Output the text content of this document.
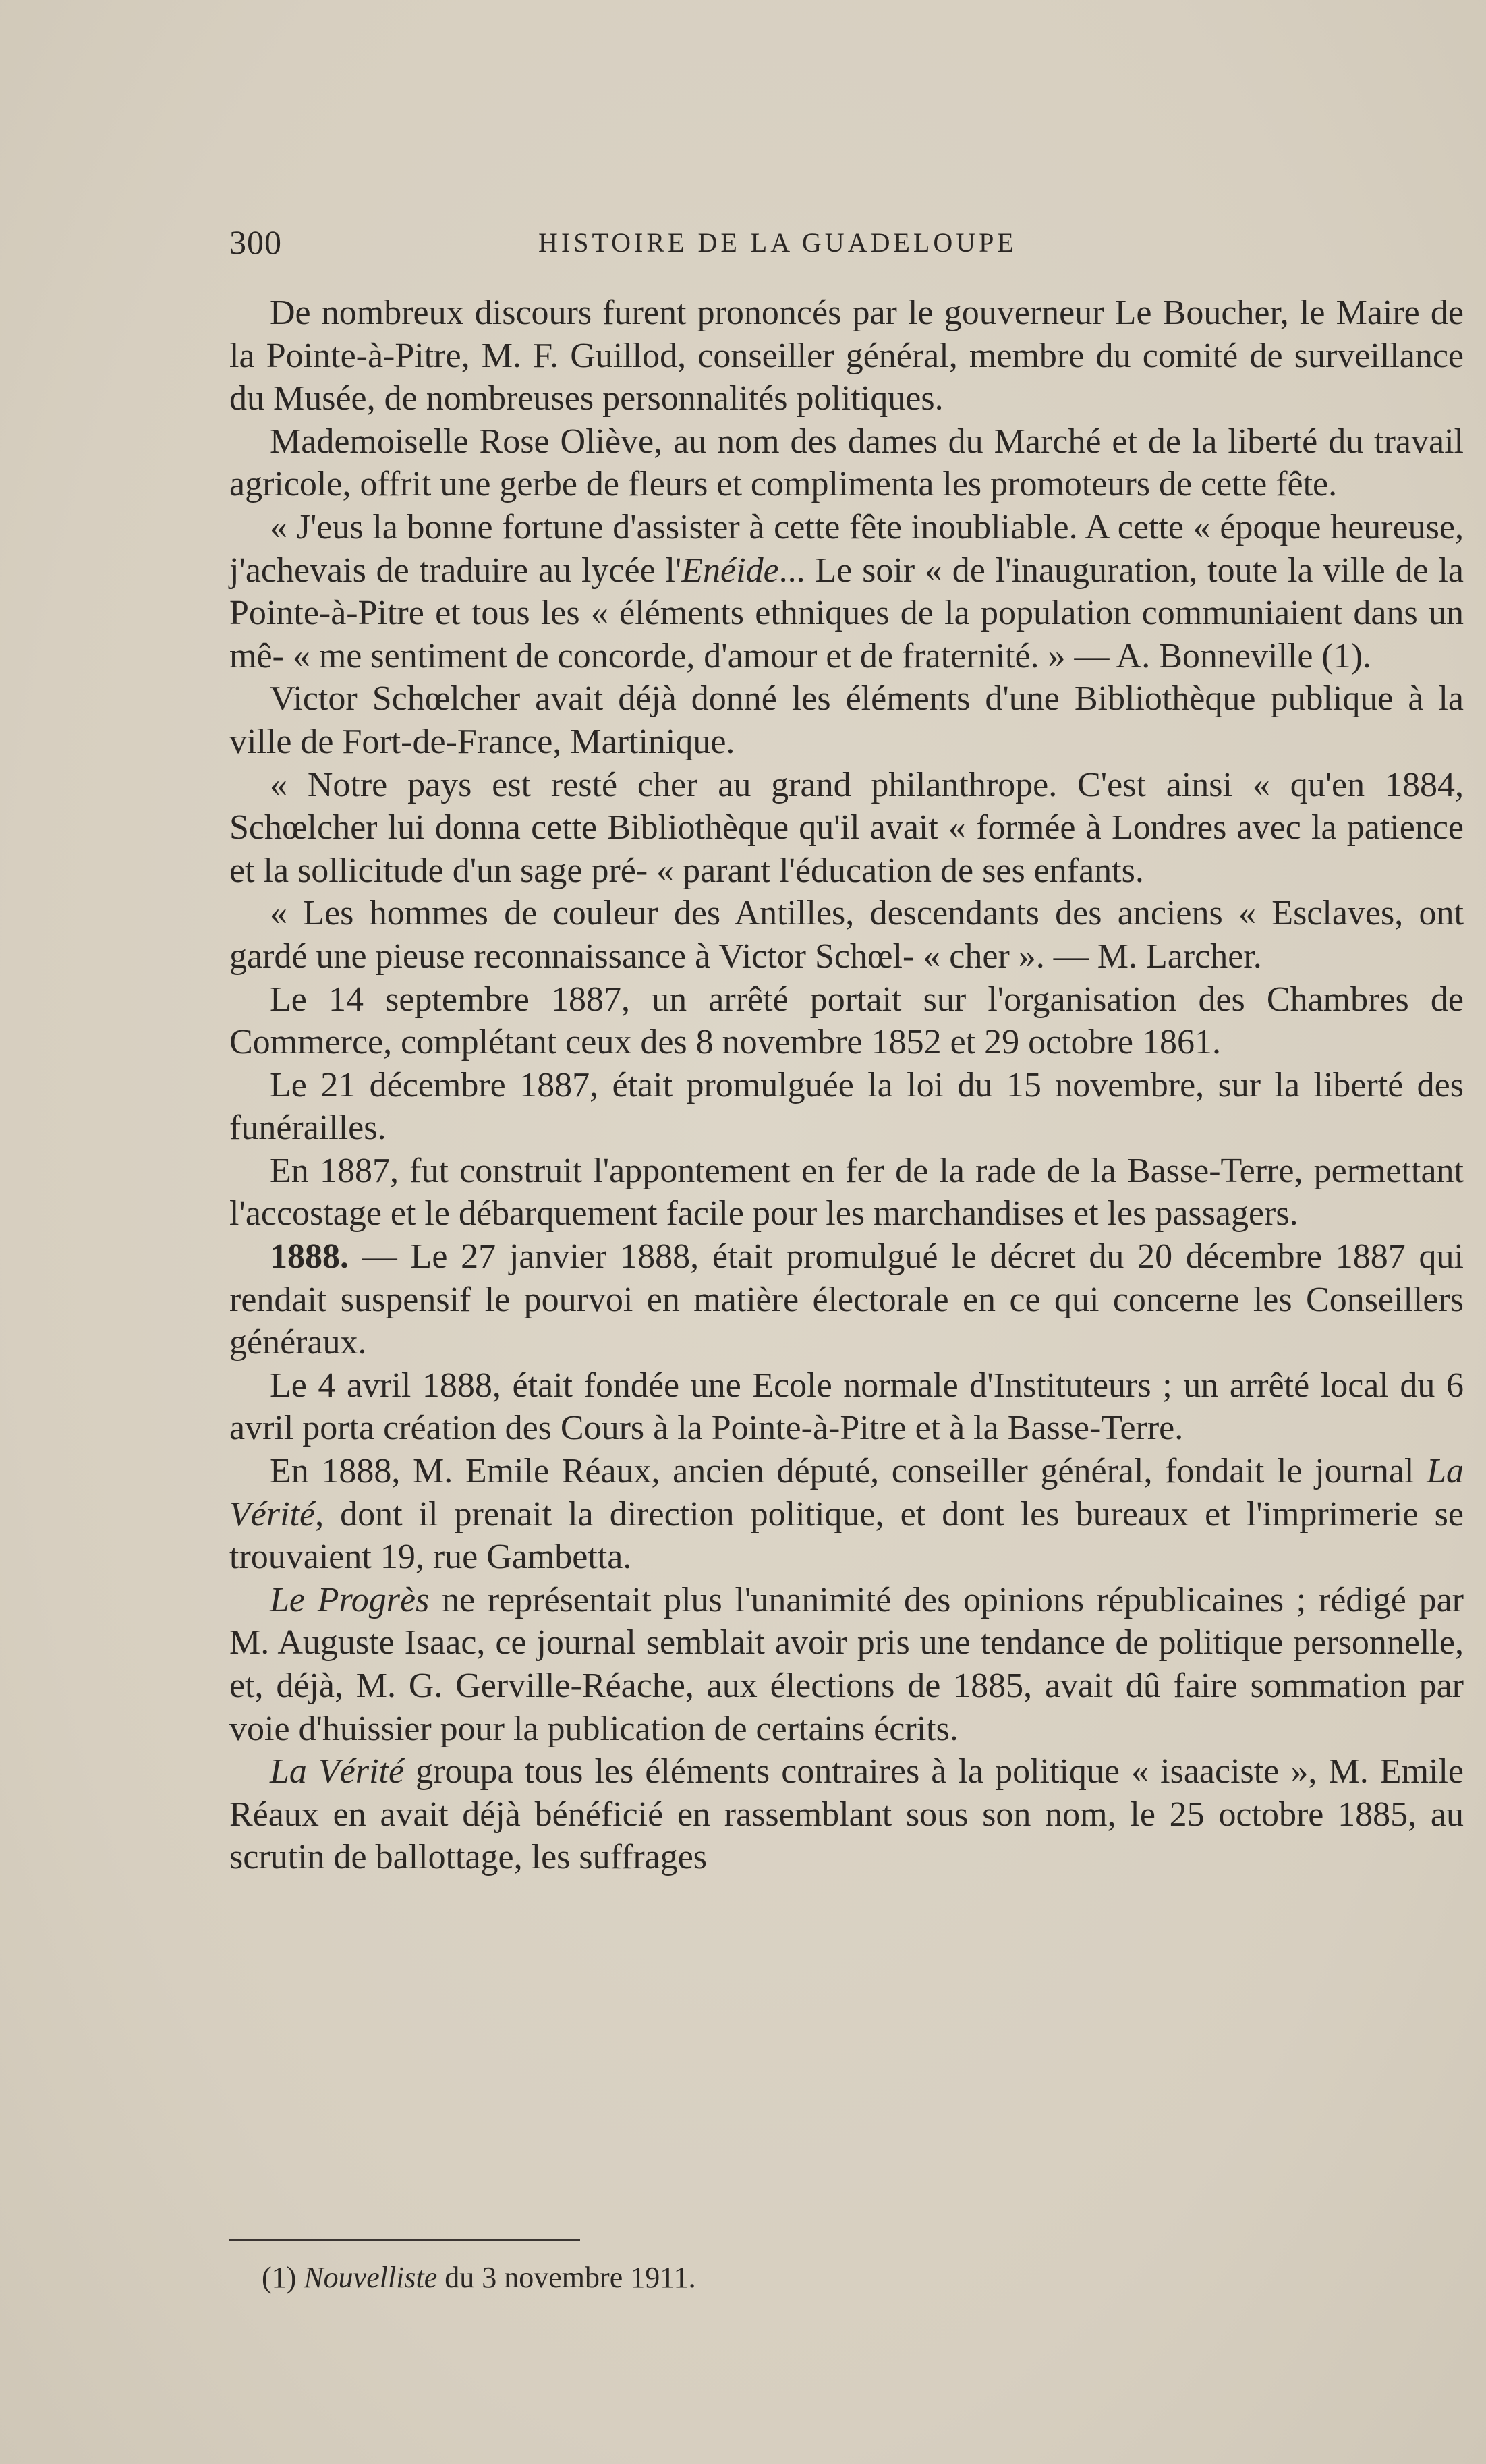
300	HISTOIRE DE LA GUADELOUPE

De nombreux discours furent prononcés par le gouverneur Le Boucher, le Maire de la Pointe-à-Pitre, M. F. Guillod, conseiller général, membre du comité de surveillance du Musée, de nombreuses personnalités politiques.

Mademoiselle Rose Oliève, au nom des dames du Marché et de la liberté du travail agricole, offrit une gerbe de fleurs et complimenta les promoteurs de cette fête.

« J'eus la bonne fortune d'assister à cette fête inoubliable. A cette « époque heureuse, j'achevais de traduire au lycée l'Enéide... Le soir « de l'inauguration, toute la ville de la Pointe-à-Pitre et tous les « éléments ethniques de la population communiaient dans un mê- « me sentiment de concorde, d'amour et de fraternité. » — A. Bonneville (1).

Victor Schœlcher avait déjà donné les éléments d'une Bibliothèque publique à la ville de Fort-de-France, Martinique.

« Notre pays est resté cher au grand philanthrope. C'est ainsi « qu'en 1884, Schœlcher lui donna cette Bibliothèque qu'il avait « formée à Londres avec la patience et la sollicitude d'un sage pré- « parant l'éducation de ses enfants.

« Les hommes de couleur des Antilles, descendants des anciens « Esclaves, ont gardé une pieuse reconnaissance à Victor Schœl- « cher ». — M. Larcher.

Le 14 septembre 1887, un arrêté portait sur l'organisation des Chambres de Commerce, complétant ceux des 8 novembre 1852 et 29 octobre 1861.

Le 21 décembre 1887, était promulguée la loi du 15 novembre, sur la liberté des funérailles.

En 1887, fut construit l'appontement en fer de la rade de la Basse-Terre, permettant l'accostage et le débarquement facile pour les marchandises et les passagers.

1888. — Le 27 janvier 1888, était promulgué le décret du 20 décembre 1887 qui rendait suspensif le pourvoi en matière électorale en ce qui concerne les Conseillers généraux.

Le 4 avril 1888, était fondée une Ecole normale d'Instituteurs ; un arrêté local du 6 avril porta création des Cours à la Pointe-à-Pitre et à la Basse-Terre.

En 1888, M. Emile Réaux, ancien député, conseiller général, fondait le journal La Vérité, dont il prenait la direction politique, et dont les bureaux et l'imprimerie se trouvaient 19, rue Gambetta.

Le Progrès ne représentait plus l'unanimité des opinions républicaines ; rédigé par M. Auguste Isaac, ce journal semblait avoir pris une tendance de politique personnelle, et, déjà, M. G. Gerville-Réache, aux élections de 1885, avait dû faire sommation par voie d'huissier pour la publication de certains écrits.

La Vérité groupa tous les éléments contraires à la politique « isaaciste », M. Emile Réaux en avait déjà bénéficié en rassemblant sous son nom, le 25 octobre 1885, au scrutin de ballottage, les suffrages

(1) Nouvelliste du 3 novembre 1911.
